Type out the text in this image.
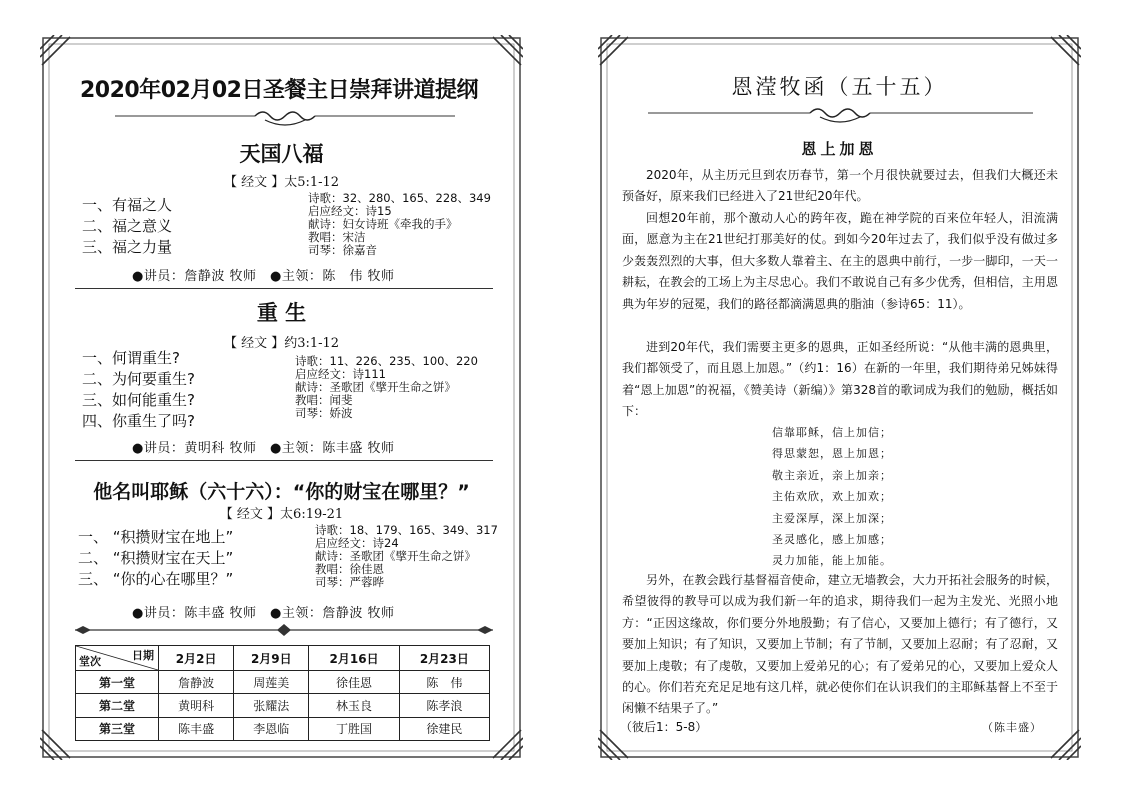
2020年02月02日圣餐主日崇拜讲道提纲
天国八福
【 经文 】太5:1-12
一、有福之人
二、福之意义
三、福之力量
诗歌：32、280、165、228、349
启应经文：诗15
献诗：妇女诗班《牵我的手》
教唱：宋洁
司琴：徐嘉音
●讲员：詹静波 牧师　●主领：陈　伟 牧师
重 生
【 经文 】约3:1-12
一、何谓重生?
二、为何要重生?
三、如何能重生?
四、你重生了吗?
诗歌：11、226、235、100、220
启应经文：诗111
献诗：圣歌团《擘开生命之饼》
教唱：闻斐
司琴：娇波
●讲员：黄明科 牧师　●主领：陈丰盛 牧师
他名叫耶稣（六十六）：“你的财宝在哪里？”
【 经文 】太6:19-21
一、 “积攒财宝在地上”
二、 “积攒财宝在天上”
三、 “你的心在哪里？”
诗歌：18、179、165、349、317
启应经文：诗24
献诗：圣歌团《擘开生命之饼》
教唱：徐佳恩
司琴：严蓉晔
●讲员：陈丰盛 牧师　●主领：詹静波 牧师
日期
堂次	2月2日	2月9日	2月16日	2月23日
第一堂	詹静波	周莲美	徐佳恩	陈　伟
第二堂	黄明科	张耀法	林玉良	陈孝浪
第三堂	陈丰盛	李恩临	丁胜国	徐建民
恩滢牧函（五十五）
恩上加恩
2020年，从主历元旦到农历春节，第一个月很快就要过去，但我们大概还未预备好，原来我们已经进入了21世纪20年代。
回想20年前，那个激动人心的跨年夜，跪在神学院的百来位年轻人，泪流满面，愿意为主在21世纪打那美好的仗。到如今20年过去了，我们似乎没有做过多少轰轰烈烈的大事，但大多数人靠着主、在主的恩典中前行，一步一脚印，一天一耕耘，在教会的工场上为主尽忠心。我们不敢说自己有多少优秀，但相信，主用恩典为年岁的冠冕，我们的路径都滴满恩典的脂油（参诗65：11）。
进到20年代，我们需要主更多的恩典，正如圣经所说：“从他丰满的恩典里，我们都领受了，而且恩上加恩。”（约1：16）在新的一年里，我们期待弟兄姊妹得着“恩上加恩”的祝福，《赞美诗（新编）》第328首的歌词成为我们的勉励，概括如下：
信靠耶稣，信上加信；
得思蒙恕，恩上加恩；
敬主亲近，亲上加亲；
主佑欢欣，欢上加欢；
主爱深厚，深上加深；
圣灵感化，感上加感；
灵力加能，能上加能。
另外，在教会践行基督福音使命，建立无墙教会，大力开拓社会服务的时候，希望彼得的教导可以成为我们新一年的追求，期待我们一起为主发光、光照小地方：“正因这缘故，你们要分外地殷勤；有了信心，又要加上德行；有了德行，又要加上知识；有了知识，又要加上节制；有了节制，又要加上忍耐；有了忍耐，又要加上虔敬；有了虔敬，又要加上爱弟兄的心；有了爱弟兄的心，又要加上爱众人的心。你们若充充足足地有这几样，就必使你们在认识我们的主耶稣基督上不至于闲懒不结果子了。”
（彼后1：5-8）	（陈丰盛）
